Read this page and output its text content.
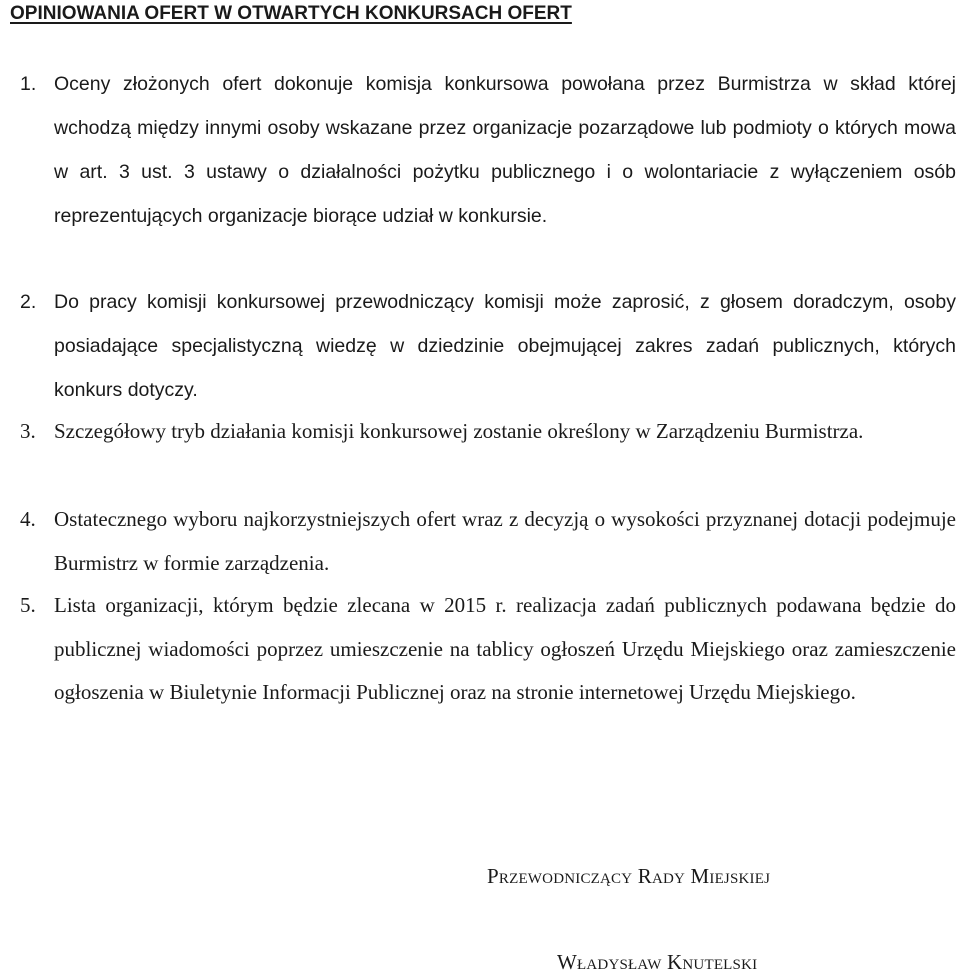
OPINIOWANIA OFERT W OTWARTYCH KONKURSACH OFERT

1. Oceny złożonych ofert dokonuje komisja konkursowa powołana przez Burmistrza w skład której wchodzą między innymi osoby wskazane przez organizacje pozarządowe lub podmioty o których mowa w art. 3 ust. 3 ustawy o działalności pożytku publicznego i o wolontariacie z wyłączeniem osób reprezentujących organizacje biorące udział w konkursie.

2. Do pracy komisji konkursowej przewodniczący komisji może zaprosić, z głosem doradczym, osoby posiadające specjalistyczną wiedzę w dziedzinie obejmującej zakres zadań publicznych, których konkurs dotyczy.

3. Szczegółowy tryb działania komisji konkursowej zostanie określony w Zarządzeniu Burmistrza.

4. Ostatecznego wyboru najkorzystniejszych ofert wraz z decyzją o wysokości przyznanej dotacji podejmuje Burmistrz w formie zarządzenia.

5. Lista organizacji, którym będzie zlecana w 2015 r. realizacja zadań publicznych podawana będzie do publicznej wiadomości poprzez umieszczenie na tablicy ogłoszeń Urzędu Miejskiego oraz zamieszczenie ogłoszenia w Biuletynie Informacji Publicznej oraz na stronie internetowej Urzędu Miejskiego.

Przewodniczący Rady Miejskiej

Władysław Knutelski
